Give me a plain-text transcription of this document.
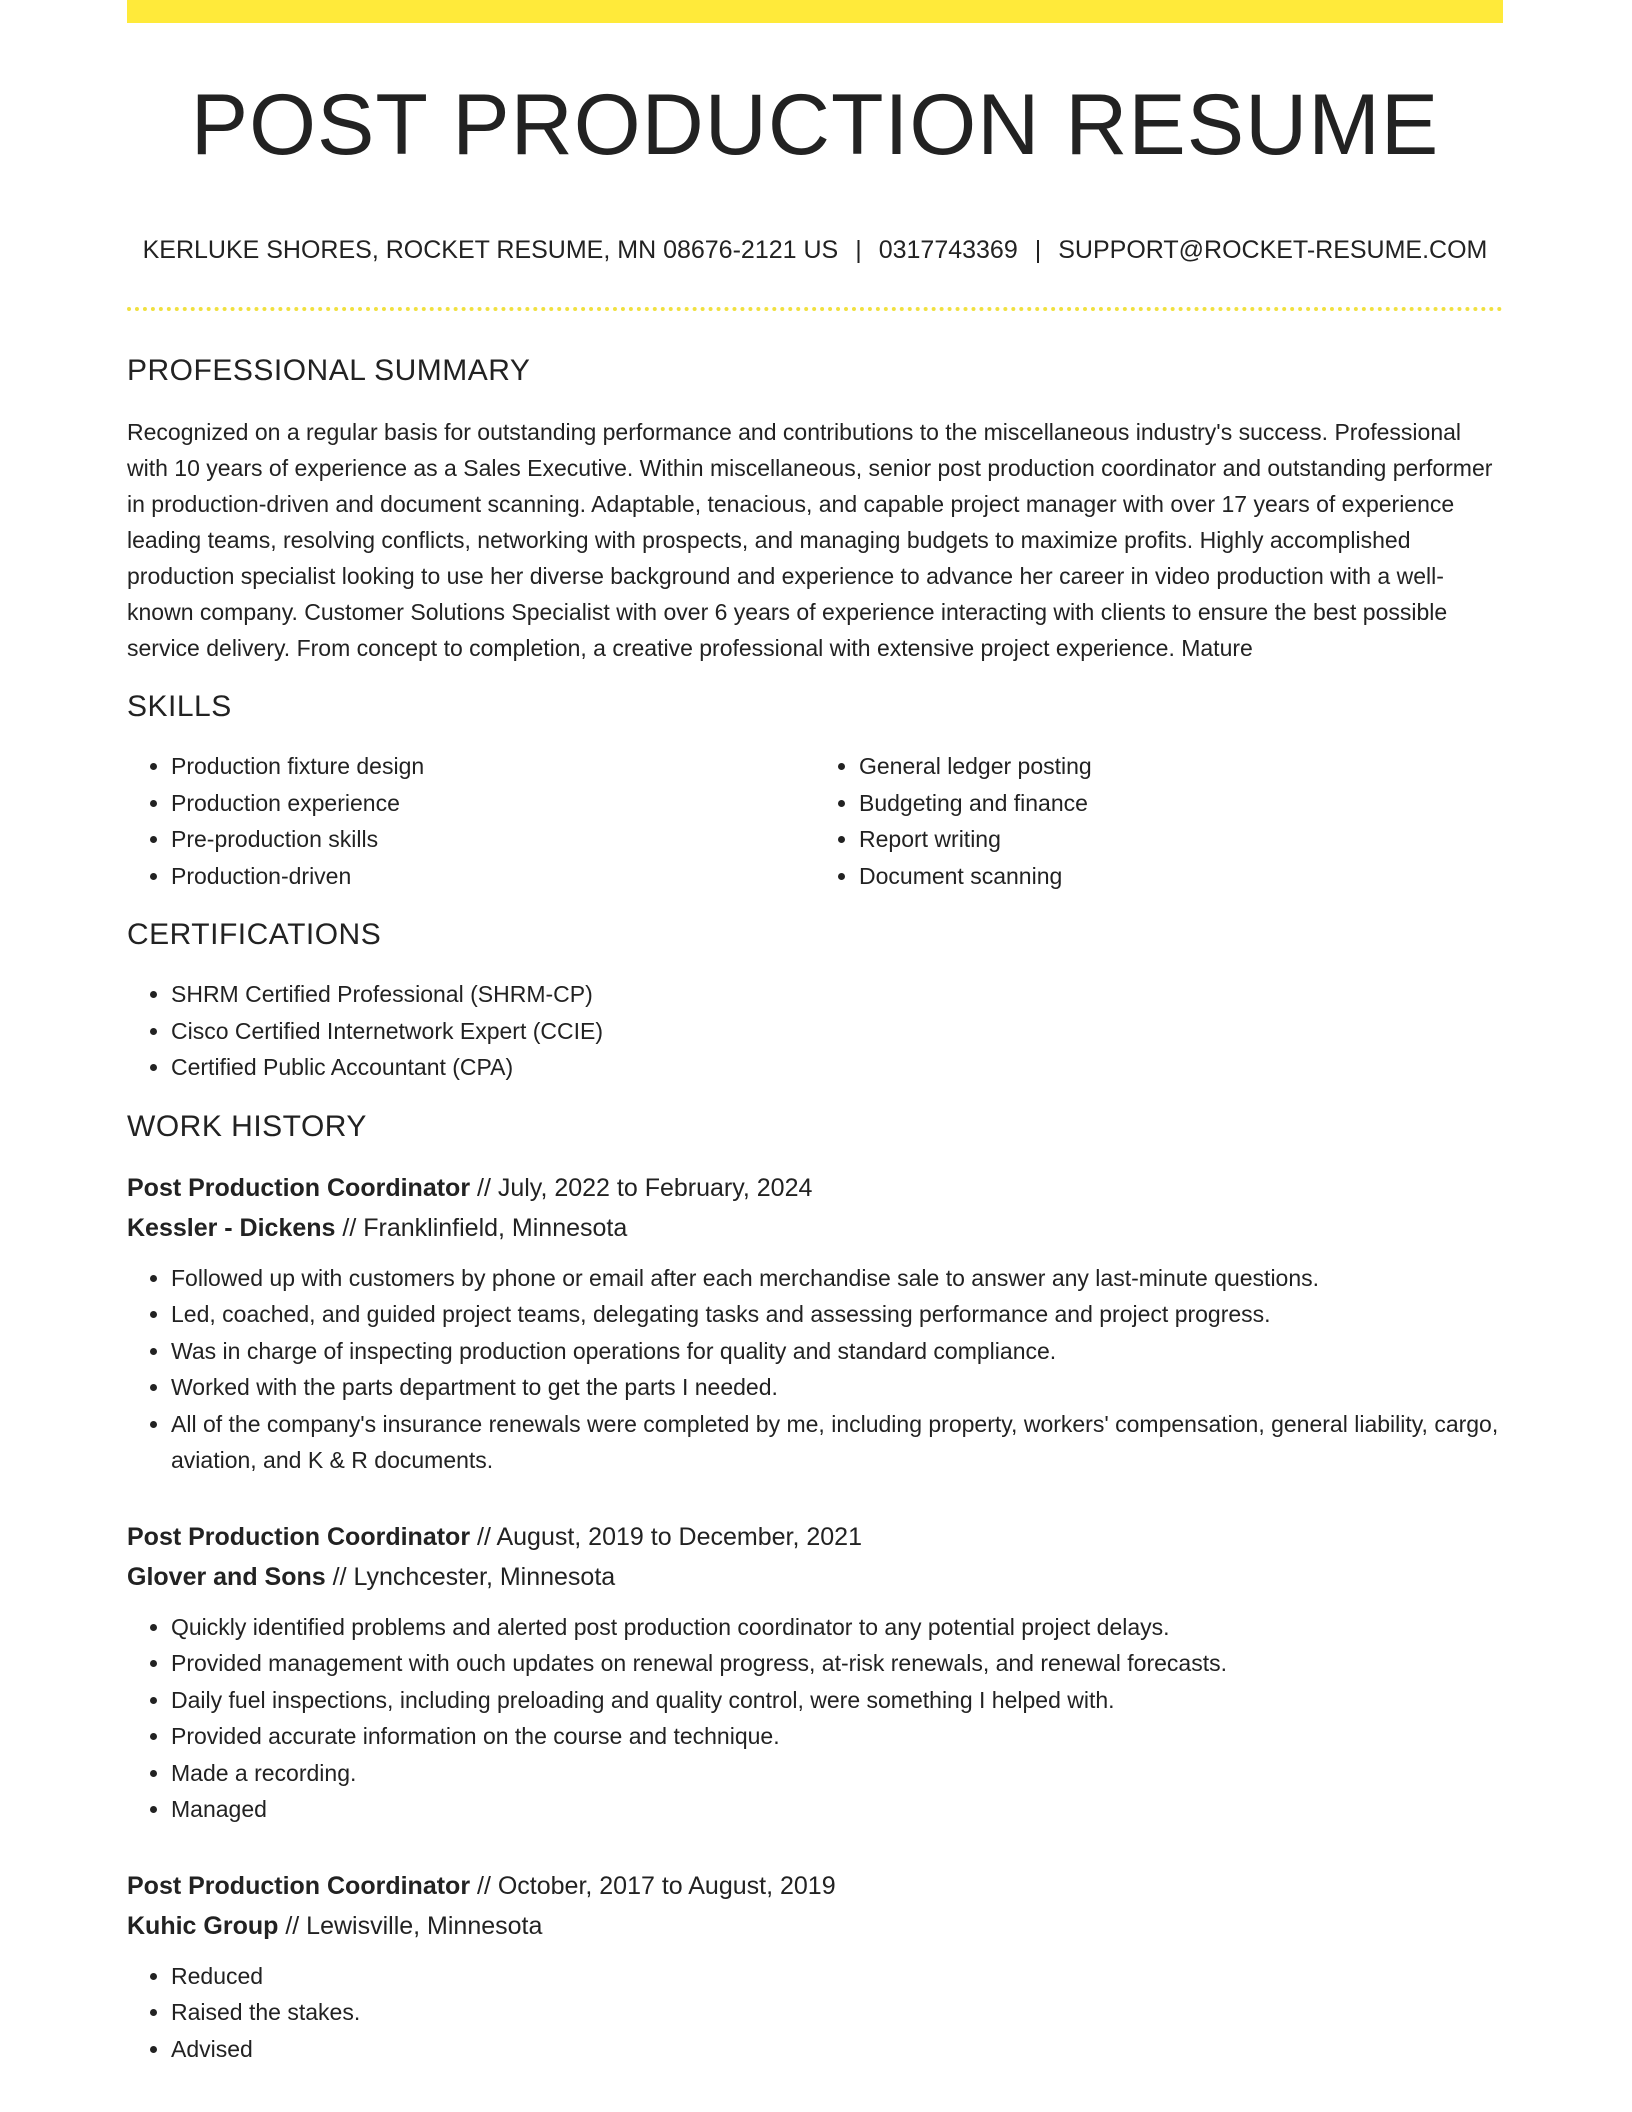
POST PRODUCTION RESUME
KERLUKE SHORES, ROCKET RESUME, MN 08676-2121 US | 0317743369 | SUPPORT@ROCKET-RESUME.COM
PROFESSIONAL SUMMARY

Recognized on a regular basis for outstanding performance and contributions to the miscellaneous industry's success. Professional with 10 years of experience as a Sales Executive. Within miscellaneous, senior post production coordinator and outstanding performer in production-driven and document scanning. Adaptable, tenacious, and capable project manager with over 17 years of experience leading teams, resolving conflicts, networking with prospects, and managing budgets to maximize profits. Highly accomplished production specialist looking to use her diverse background and experience to advance her career in video production with a well-known company. Customer Solutions Specialist with over 6 years of experience interacting with clients to ensure the best possible service delivery. From concept to completion, a creative professional with extensive project experience. Mature

SKILLS
• Production fixture design
• Production experience
• Pre-production skills
• Production-driven
• General ledger posting
• Budgeting and finance
• Report writing
• Document scanning
CERTIFICATIONS
• SHRM Certified Professional (SHRM-CP)
• Cisco Certified Internetwork Expert (CCIE)
• Certified Public Accountant (CPA)
WORK HISTORY
Post Production Coordinator // July, 2022 to February, 2024
Kessler - Dickens // Franklinfield, Minnesota
• Followed up with customers by phone or email after each merchandise sale to answer any last-minute questions.
• Led, coached, and guided project teams, delegating tasks and assessing performance and project progress.
• Was in charge of inspecting production operations for quality and standard compliance.
• Worked with the parts department to get the parts I needed.
• All of the company's insurance renewals were completed by me, including property, workers' compensation, general liability, cargo, aviation, and K & R documents.
Post Production Coordinator // August, 2019 to December, 2021
Glover and Sons // Lynchcester, Minnesota
• Quickly identified problems and alerted post production coordinator to any potential project delays.
• Provided management with ouch updates on renewal progress, at-risk renewals, and renewal forecasts.
• Daily fuel inspections, including preloading and quality control, were something I helped with.
• Provided accurate information on the course and technique.
• Made a recording.
• Managed
Post Production Coordinator // October, 2017 to August, 2019
Kuhic Group // Lewisville, Minnesota
• Reduced
• Raised the stakes.
• Advised
